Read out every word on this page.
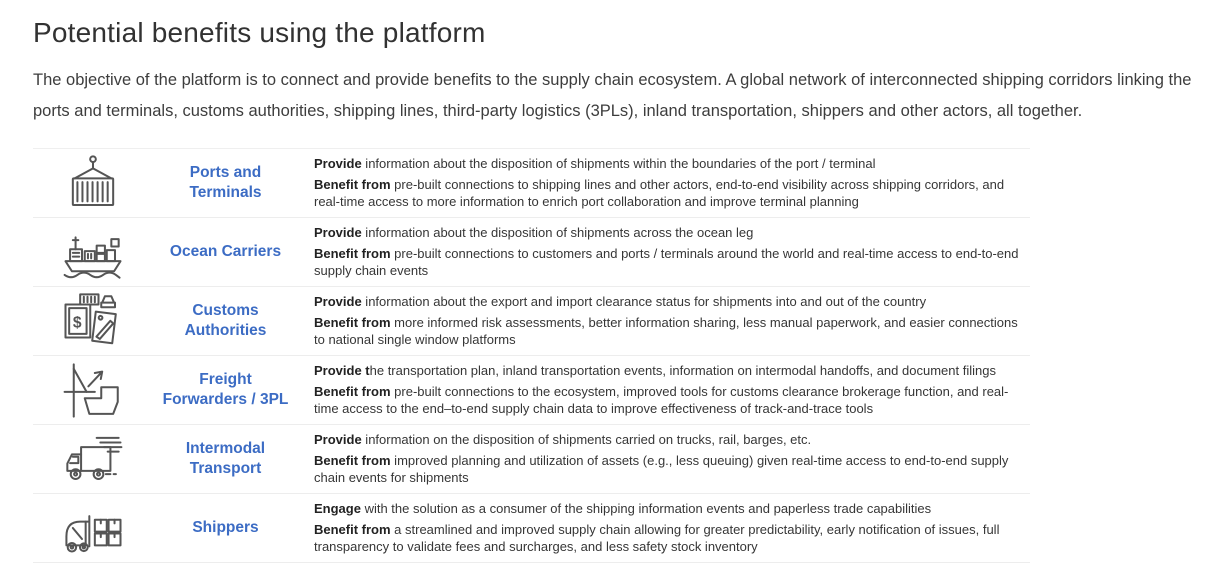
Potential benefits using the platform

The objective of the platform is to connect and provide benefits to the supply chain ecosystem. A global network of interconnected shipping corridors linking the ports and terminals, customs authorities, shipping lines, third-party logistics (3PLs), inland transportation, shippers and other actors, all together.

Ports and Terminals

Provide information about the disposition of shipments within the boundaries of the port / terminal

Benefit from pre-built connections to shipping lines and other actors, end-to-end visibility across shipping corridors, and real-time access to more information to enrich port collaboration and improve terminal planning

Ocean Carriers

Provide information about the disposition of shipments across the ocean leg

Benefit from pre-built connections to customers and ports / terminals around the world and real-time access to end-to-end supply chain events

$
Customs Authorities

Provide information about the export and import clearance status for shipments into and out of the country

Benefit from more informed risk assessments, better information sharing, less manual paperwork, and easier connections to national single window platforms

Freight Forwarders / 3PL

Provide the transportation plan, inland transportation events, information on intermodal handoffs, and document filings

Benefit from pre-built connections to the ecosystem, improved tools for customs clearance brokerage function, and real-time access to the end–to-end supply chain data to improve effectiveness of track-and-trace tools

Intermodal Transport

Provide information on the disposition of shipments carried on trucks, rail, barges, etc.

Benefit from improved planning and utilization of assets (e.g., less queuing) given real-time access to end-to-end supply chain events for shipments

Shippers

Engage with the solution as a consumer of the shipping information events and paperless trade capabilities

Benefit from a streamlined and improved supply chain allowing for greater predictability, early notification of issues, full transparency to validate fees and surcharges, and less safety stock inventory
